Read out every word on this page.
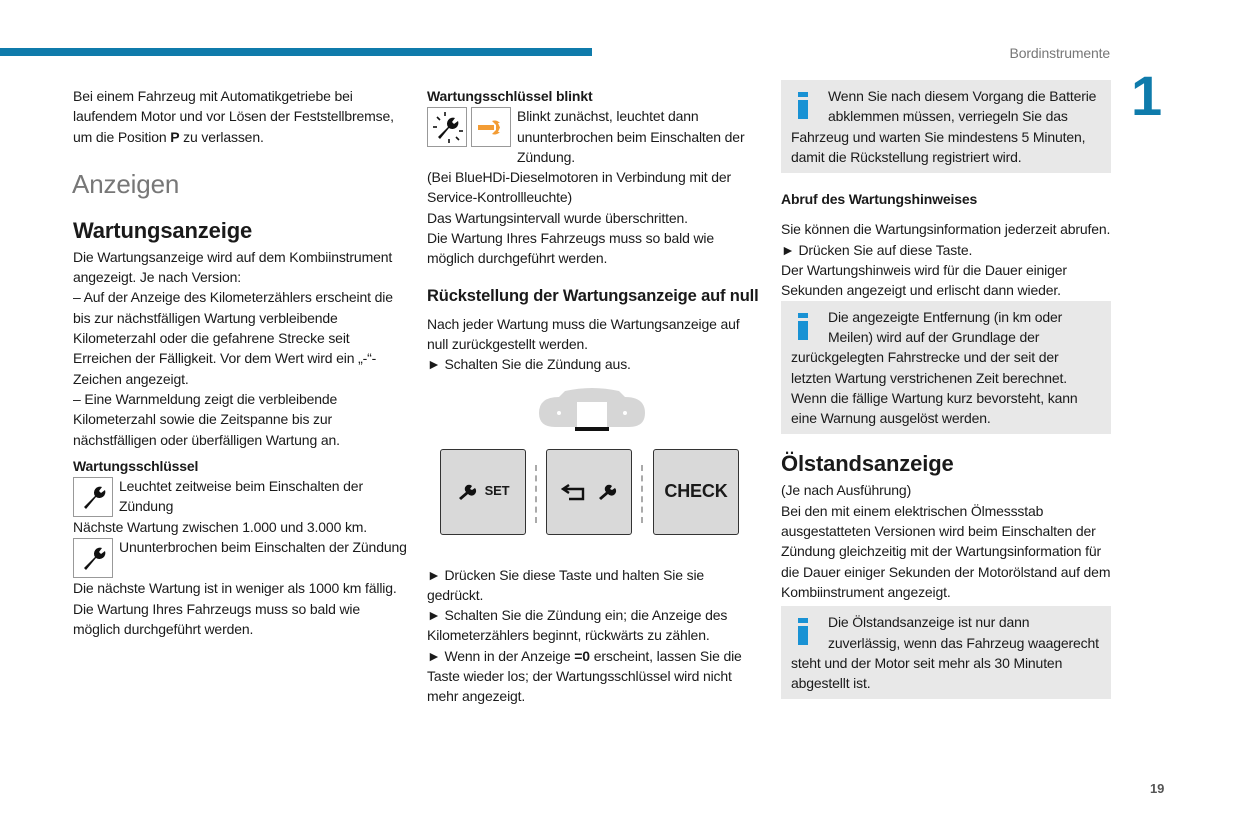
Bordinstrumente
1
19

Bei einem Fahrzeug mit Automatikgetriebe bei laufendem Motor und vor Lösen der Feststellbremse, um die Position P zu verlassen.

Anzeigen
Wartungsanzeige

Die Wartungsanzeige wird auf dem Kombiinstrument angezeigt. Je nach Version:

– Auf der Anzeige des Kilometerzählers erscheint die bis zur nächstfälligen Wartung verbleibende Kilometerzahl oder die gefahrene Strecke seit Erreichen der Fälligkeit. Vor dem Wert wird ein „-“-Zeichen angezeigt.

– Eine Warnmeldung zeigt die verbleibende Kilometerzahl sowie die Zeitspanne bis zur nächstfälligen oder überfälligen Wartung an.

Wartungsschlüssel
Leuchtet zeitweise beim Einschalten der Zündung

Nächste Wartung zwischen 1.000 und 3.000 km.

Ununterbrochen beim Einschalten der Zündung

Die nächste Wartung ist in weniger als 1000 km fällig.

Die Wartung Ihres Fahrzeugs muss so bald wie möglich durchgeführt werden.

Wartungsschlüssel blinkt
Blinkt zunächst, leuchtet dann ununterbrochen beim Einschalten der Zündung.

(Bei BlueHDi-Dieselmotoren in Verbindung mit der Service-Kontrollleuchte)

Das Wartungsintervall wurde überschritten.

Die Wartung Ihres Fahrzeugs muss so bald wie möglich durchgeführt werden.

Rückstellung der Wartungsanzeige auf null

Nach jeder Wartung muss die Wartungsanzeige auf null zurückgestellt werden.

► Schalten Sie die Zündung aus.

SET	CHECK

► Drücken Sie diese Taste und halten Sie sie gedrückt.

► Schalten Sie die Zündung ein; die Anzeige des Kilometerzählers beginnt, rückwärts zu zählen.

► Wenn in der Anzeige =0 erscheint, lassen Sie die Taste wieder los; der Wartungsschlüssel wird nicht mehr angezeigt.

Wenn Sie nach diesem Vorgang die Batterie abklemmen müssen, verriegeln Sie das Fahrzeug und warten Sie mindestens 5 Minuten, damit die Rückstellung registriert wird.
Abruf des Wartungshinweises

Sie können die Wartungsinformation jederzeit abrufen.

► Drücken Sie auf diese Taste.

Der Wartungshinweis wird für die Dauer einiger Sekunden angezeigt und erlischt dann wieder.

Die angezeigte Entfernung (in km oder Meilen) wird auf der Grundlage der zurückgelegten Fahrstrecke und der seit der letzten Wartung verstrichenen Zeit berechnet. Wenn die fällige Wartung kurz bevorsteht, kann eine Warnung ausgelöst werden.
Ölstandsanzeige

(Je nach Ausführung)

Bei den mit einem elektrischen Ölmessstab ausgestatteten Versionen wird beim Einschalten der Zündung gleichzeitig mit der Wartungsinformation für die Dauer einiger Sekunden der Motorölstand auf dem Kombiinstrument angezeigt.

Die Ölstandsanzeige ist nur dann zuverlässig, wenn das Fahrzeug waagerecht steht und der Motor seit mehr als 30 Minuten abgestellt ist.
